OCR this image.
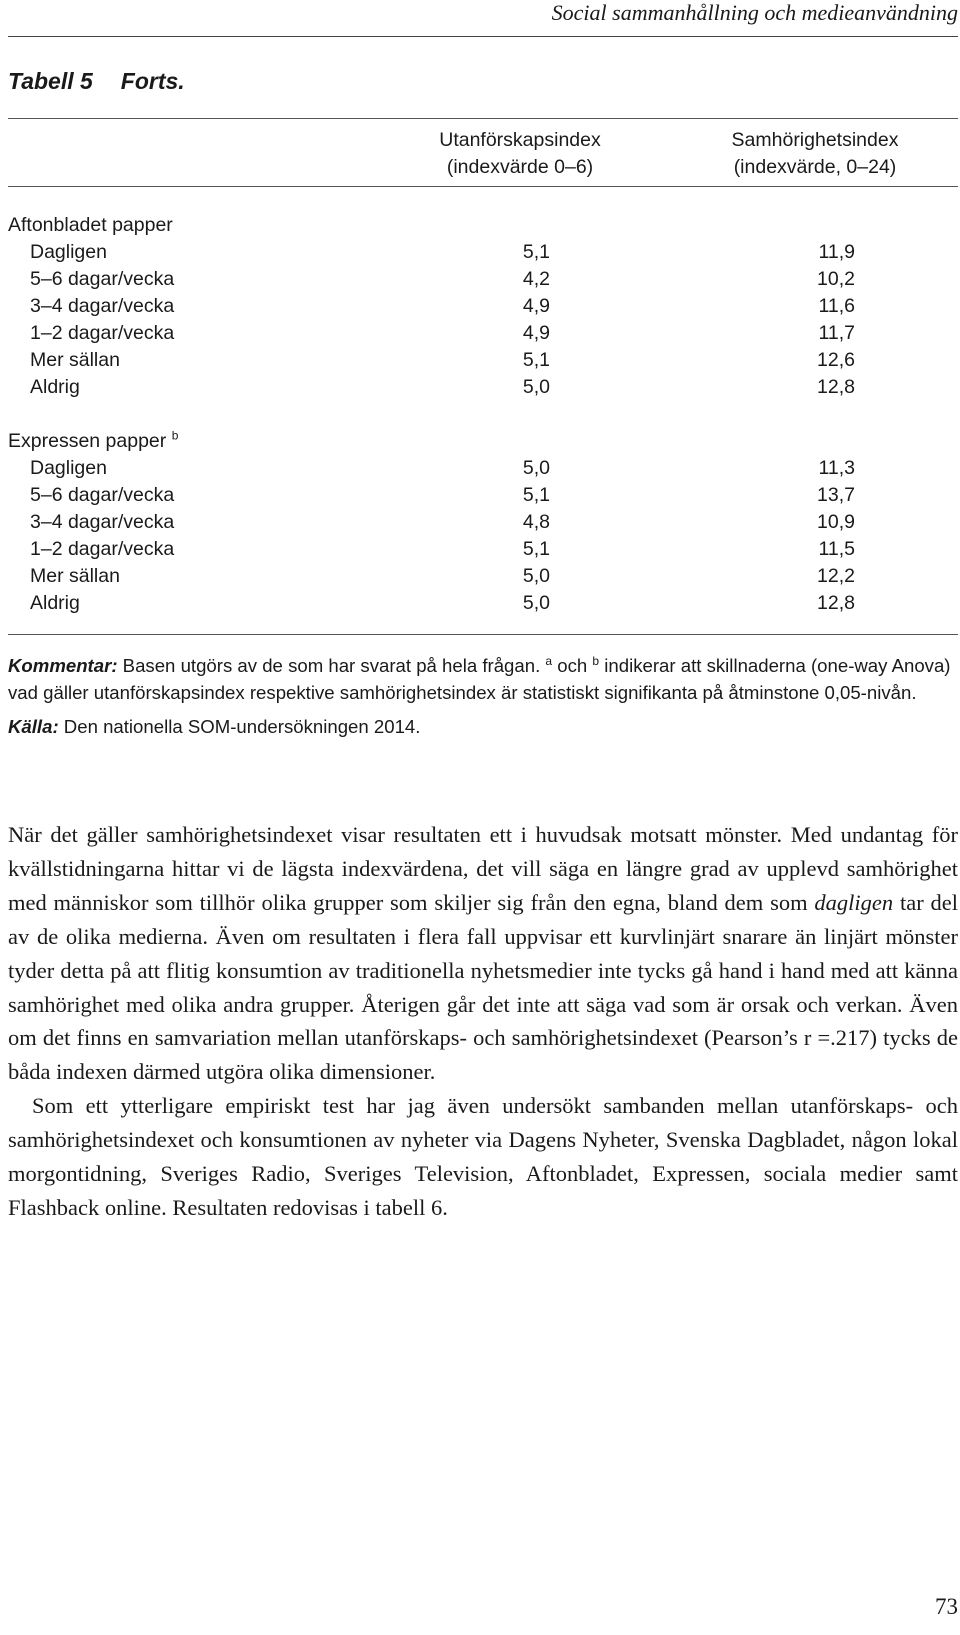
Social sammanhållning och medieanvändning
Tabell 5 Forts.
Utanförskapsindex
(indexvärde 0–6)
Samhörighetsindex
(indexvärde, 0–24)
Aftonbladet papper
Dagligen	5,1	11,9
5–6 dagar/vecka	4,2	10,2
3–4 dagar/vecka	4,9	11,6
1–2 dagar/vecka	4,9	11,7
Mer sällan	5,1	12,6
Aldrig	5,0	12,8
Expressen papper $^b$
Dagligen	5,0	11,3
5–6 dagar/vecka	5,1	13,7
3–4 dagar/vecka	4,8	10,9
1–2 dagar/vecka	5,1	11,5
Mer sällan	5,0	12,2
Aldrig	5,0	12,8

Kommentar: Basen utgörs av de som har svarat på hela frågan. $^a$ och $^b$ indikerar att skillnaderna (one-way Anova) vad gäller utanförskapsindex respektive samhörighetsindex är statistiskt signifikanta på åtminstone 0,05-nivån.

Källa: Den nationella SOM-undersökningen 2014.

När det gäller samhörighetsindexet visar resultaten ett i huvudsak motsatt mönster. Med undantag för kvällstidningarna hittar vi de lägsta indexvärdena, det vill säga en längre grad av upplevd samhörighet med människor som tillhör olika grupper som skiljer sig från den egna, bland dem som dagligen tar del av de olika medierna. Även om resultaten i flera fall uppvisar ett kurvlinjärt snarare än linjärt mönster tyder detta på att flitig konsumtion av traditionella nyhetsmedier inte tycks gå hand i hand med att känna samhörighet med olika andra grupper. Återigen går det inte att säga vad som är orsak och verkan. Även om det finns en samvariation mellan utanförskaps- och samhörighetsindexet (Pearson’s r =.217) tycks de båda indexen därmed utgöra olika dimensioner.

Som ett ytterligare empiriskt test har jag även undersökt sambanden mellan utanförskaps- och samhörighetsindexet och konsumtionen av nyheter via Dagens Nyheter, Svenska Dagbladet, någon lokal morgontidning, Sveriges Radio, Sveriges Television, Aftonbladet, Expressen, sociala medier samt Flashback online. Resultaten redovisas i tabell 6.

73
